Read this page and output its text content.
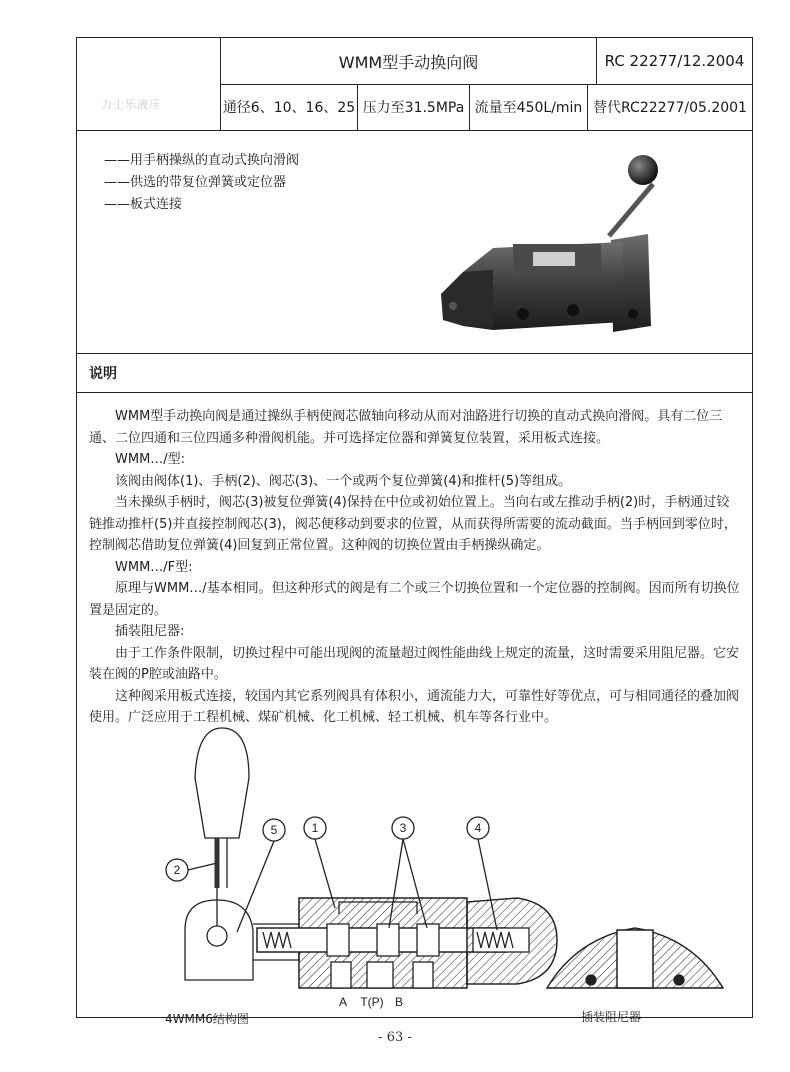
力士乐液压
WMM型手动换向阀	RC 22277/12.2004
通径6、10、16、25 压力至31.5MPa 流量至450L/min 替代RC22277/05.2001
——用手柄操纵的直动式换向滑阀
——供选的带复位弹簧或定位器
——板式连接
说明

WMM型手动换向阀是通过操纵手柄使阀芯做轴向移动从而对油路进行切换的直动式换向滑阀。具有二位三通、二位四通和三位四通多种滑阀机能。并可选择定位器和弹簧复位装置，采用板式连接。

WMM…/型:

该阀由阀体(1)、手柄(2)、阀芯(3)、一个或两个复位弹簧(4)和推杆(5)等组成。

当未操纵手柄时，阀芯(3)被复位弹簧(4)保持在中位或初始位置上。当向右或左推动手柄(2)时，手柄通过铰链推动推杆(5)并直接控制阀芯(3)，阀芯便移动到要求的位置，从而获得所需要的流动截面。当手柄回到零位时，控制阀芯借助复位弹簧(4)回复到正常位置。这种阀的切换位置由手柄操纵确定。

WMM…/F型:

原理与WMM…/基本相同。但这种形式的阀是有二个或三个切换位置和一个定位器的控制阀。因而所有切换位置是固定的。

插装阻尼器:

由于工作条件限制，切换过程中可能出现阀的流量超过阀性能曲线上规定的流量，这时需要采用阻尼器。它安装在阀的P腔或油路中。

这种阀采用板式连接，较国内其它系列阀具有体积小，通流能力大，可靠性好等优点，可与相同通径的叠加阀使用。广泛应用于工程机械、煤矿机械、化工机械、轻工机械、机车等各行业中。

2
5	1	3	4
A T(P) B
4WMM6结构图	插装阻尼器
- 63 -
